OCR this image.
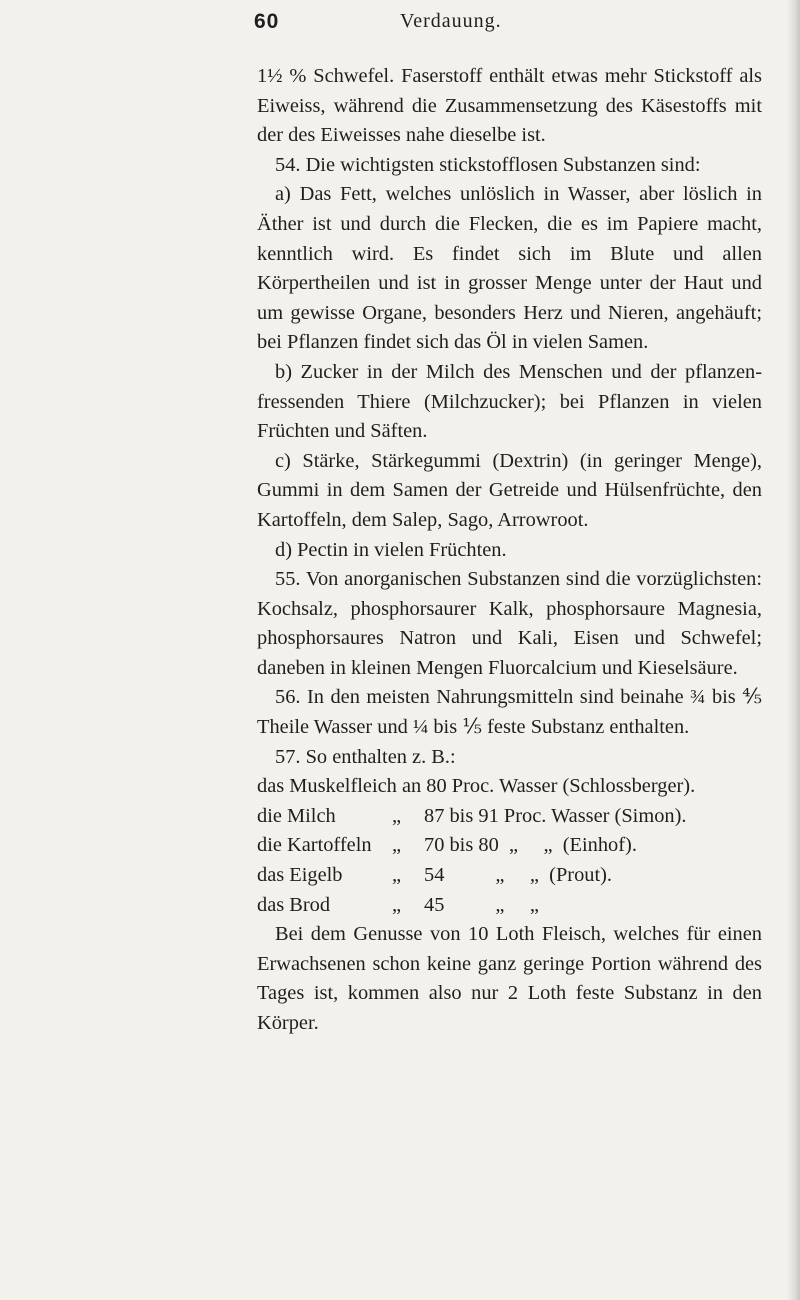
60	Verdauung.

1½ % Schwefel. Faserstoff enthält etwas mehr Stickstoff als Eiweiss, während die Zusammensetzung des Käsestoffs mit der des Eiweisses nahe dieselbe ist.

54. Die wichtigsten stickstofflosen Substanzen sind:

a) Das Fett, welches unlöslich in Wasser, aber löslich in Äther ist und durch die Flecken, die es im Papiere macht, kenntlich wird. Es findet sich im Blute und allen Körpertheilen und ist in grosser Menge unter der Haut und um gewisse Organe, besonders Herz und Nieren, angehäuft; bei Pflanzen findet sich das Öl in vielen Samen.

b) Zucker in der Milch des Menschen und der pflanzenfressenden Thiere (Milchzucker); bei Pflanzen in vielen Früchten und Säften.

c) Stärke, Stärkegummi (Dextrin) (in geringer Menge), Gummi in dem Samen der Getreide und Hülsenfrüchte, den Kartoffeln, dem Salep, Sago, Arrowroot.

d) Pectin in vielen Früchten.

55. Von anorganischen Substanzen sind die vorzüglichsten: Kochsalz, phosphorsaurer Kalk, phosphorsaure Magnesia, phosphorsaures Natron und Kali, Eisen und Schwefel; daneben in kleinen Mengen Fluorcalcium und Kieselsäure.

56. In den meisten Nahrungsmitteln sind beinahe ¾ bis ⅘ Theile Wasser und ¼ bis ⅕ feste Substanz enthalten.

57. So enthalten z. B.:

das Muskelfleich an 80 Proc. Wasser (Schlossberger).

die Milch	„	87 bis 91 Proc. Wasser (Simon).
die Kartoffeln	„	70 bis 80  „     „  (Einhof).
das Eigelb	„	54          „     „  (Prout).
das Brod	„	45          „     „

Bei dem Genusse von 10 Loth Fleisch, welches für einen Erwachsenen schon keine ganz geringe Portion während des Tages ist, kommen also nur 2 Loth feste Substanz in den Körper.
